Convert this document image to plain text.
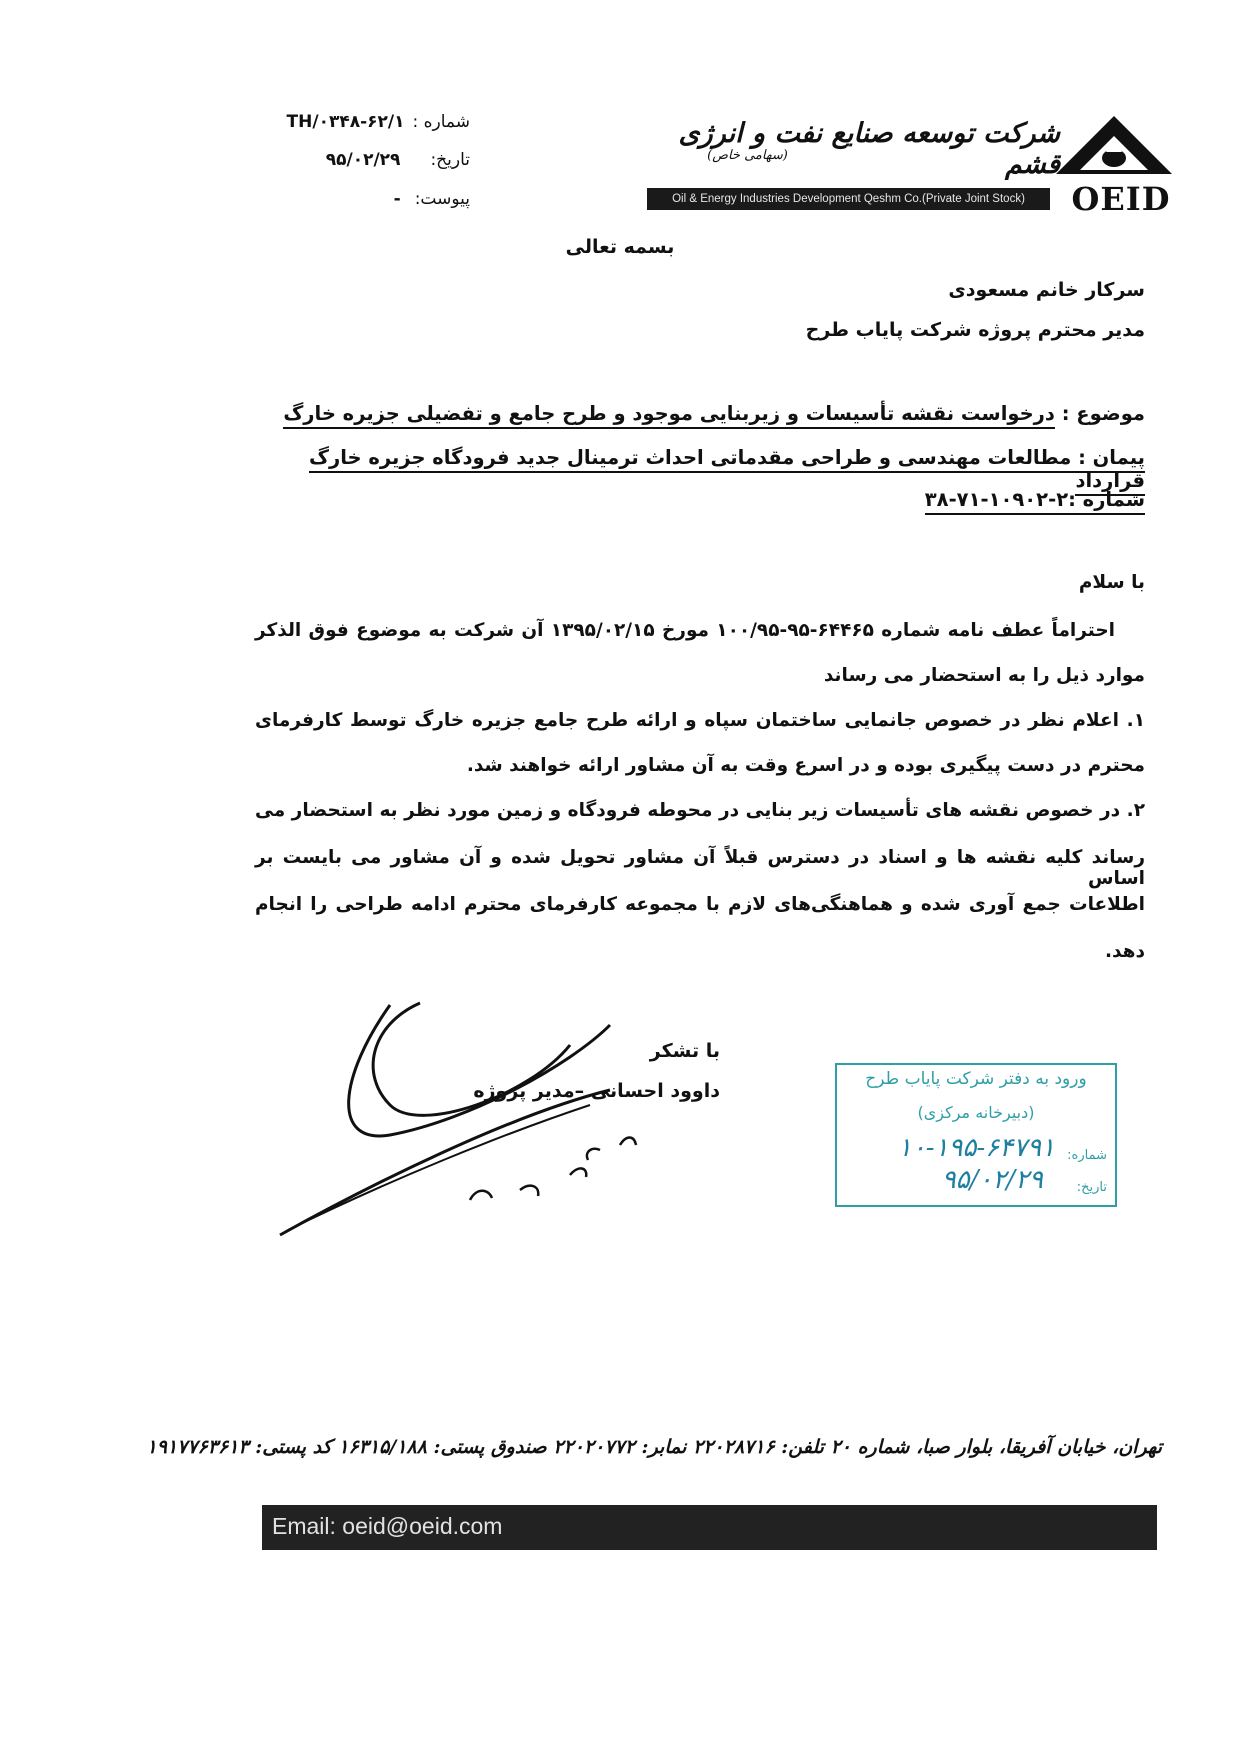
OEID
شرکت توسعه صنایع نفت و انرژی قشم
(سهامی خاص)
Oil & Energy Industries Development Qeshm Co.(Private Joint Stock)
شماره :۶۲/۱-TH/۰۳۴۸
تاریخ:۹۵/۰۲/۲۹
پیوست:-
بسمه تعالی
سرکار خانم مسعودی
مدیر محترم پروژه شرکت پایاب طرح
موضوع : درخواست نقشه تأسیسات و زیربنایی موجود و طرح جامع و تفضیلی جزیره خارگ
پیمان : مطالعات مهندسی و طراحی مقدماتی احداث ترمینال جدید فرودگاه جزیره خارگ قرارداد
شماره :۲-۱۰۹۰۲-۷۱-۳۸
با سلام
احتراماً عطف نامه شماره ۶۴۴۶۵-۹۵-۱۰۰/۹۵ مورخ ۱۳۹۵/۰۲/۱۵ آن شرکت به موضوع فوق الذکر
موارد ذیل را به استحضار می رساند
۱. اعلام نظر در خصوص جانمایی ساختمان سپاه و ارائه طرح جامع جزیره خارگ توسط کارفرمای
محترم در دست پیگیری بوده و در اسرع وقت به آن مشاور ارائه خواهند شد.
۲. در خصوص نقشه های تأسیسات زیر بنایی در محوطه فرودگاه و زمین مورد نظر به استحضار می
رساند کلیه نقشه ها و اسناد در دسترس قبلاً آن مشاور تحویل شده و آن مشاور می بایست بر اساس
اطلاعات جمع آوری شده و هماهنگی‌های لازم با مجموعه کارفرمای محترم ادامه طراحی را انجام
دهد.
با تشکر
داوود احسانی –مدیر پروژه
ورود به دفتر شرکت پایاب طرح
(دبیرخانه مرکزی)
شماره:
۱۰-۱۹۵-۶۴۷۹۱
تاریخ:
۹۵/۰۲/۲۹
تهران، خیابان آفریقا، بلوار صبا، شماره ۲۰ تلفن: ۲۲۰۲۸۷۱۶ نمابر: ۲۲۰۲۰۷۷۲ صندوق پستی: ۱۶۳۱۵/۱۸۸ کد پستی: ۱۹۱۷۷۶۳۶۱۳
Email: oeid@oeid.com
